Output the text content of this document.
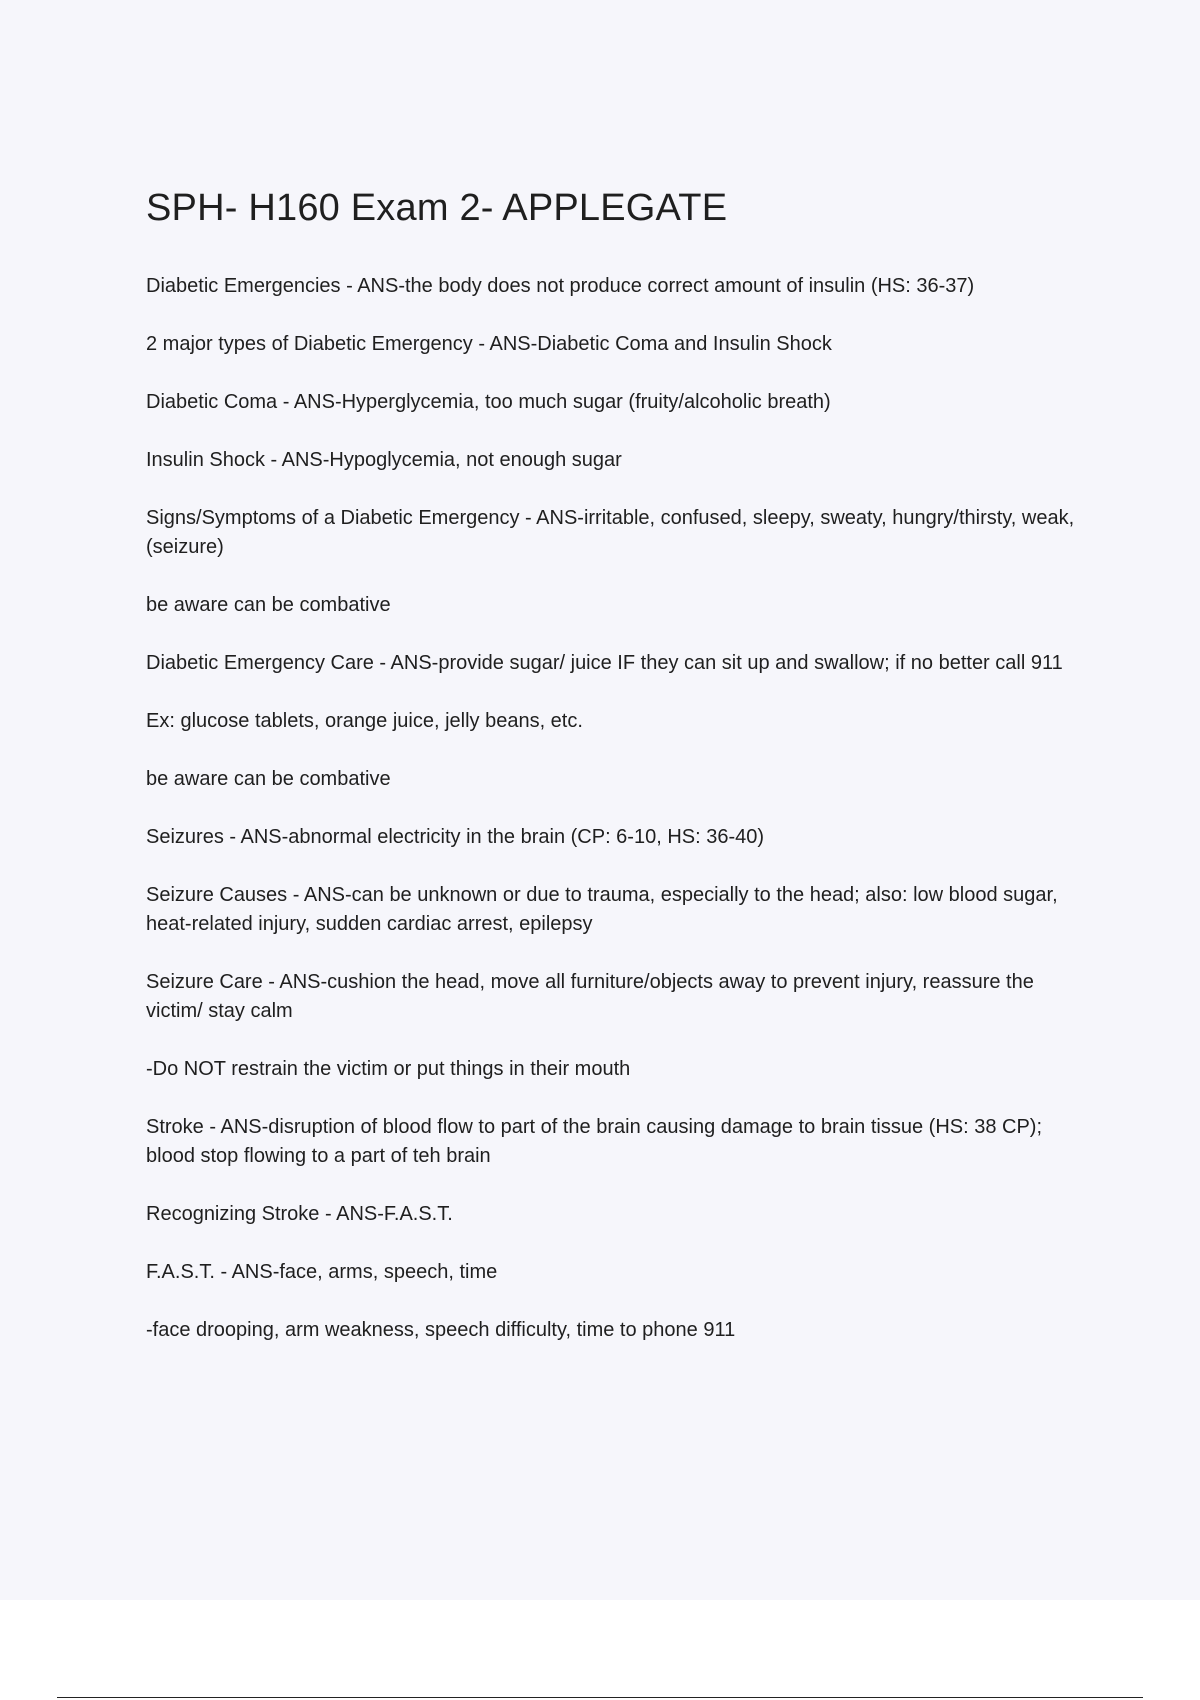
SPH- H160 Exam 2- APPLEGATE
Diabetic Emergencies - ANS-the body does not produce correct amount of insulin (HS: 36-37)
2 major types of Diabetic Emergency - ANS-Diabetic Coma and Insulin Shock
Diabetic Coma - ANS-Hyperglycemia, too much sugar (fruity/alcoholic breath)
Insulin Shock - ANS-Hypoglycemia, not enough sugar
Signs/Symptoms of a Diabetic Emergency - ANS-irritable, confused, sleepy, sweaty, hungry/thirsty, weak, (seizure)
be aware can be combative
Diabetic Emergency Care - ANS-provide sugar/ juice IF they can sit up and swallow; if no better call 911
Ex: glucose tablets, orange juice, jelly beans, etc.
be aware can be combative
Seizures - ANS-abnormal electricity in the brain (CP: 6-10, HS: 36-40)
Seizure Causes - ANS-can be unknown or due to trauma, especially to the head; also: low blood sugar, heat-related injury, sudden cardiac arrest, epilepsy
Seizure Care - ANS-cushion the head, move all furniture/objects away to prevent injury, reassure the victim/ stay calm
-Do NOT restrain the victim or put things in their mouth
Stroke - ANS-disruption of blood flow to part of the brain causing damage to brain tissue (HS: 38 CP); blood stop flowing to a part of teh brain
Recognizing Stroke - ANS-F.A.S.T.
F.A.S.T. - ANS-face, arms, speech, time
-face drooping, arm weakness, speech difficulty, time to phone 911
